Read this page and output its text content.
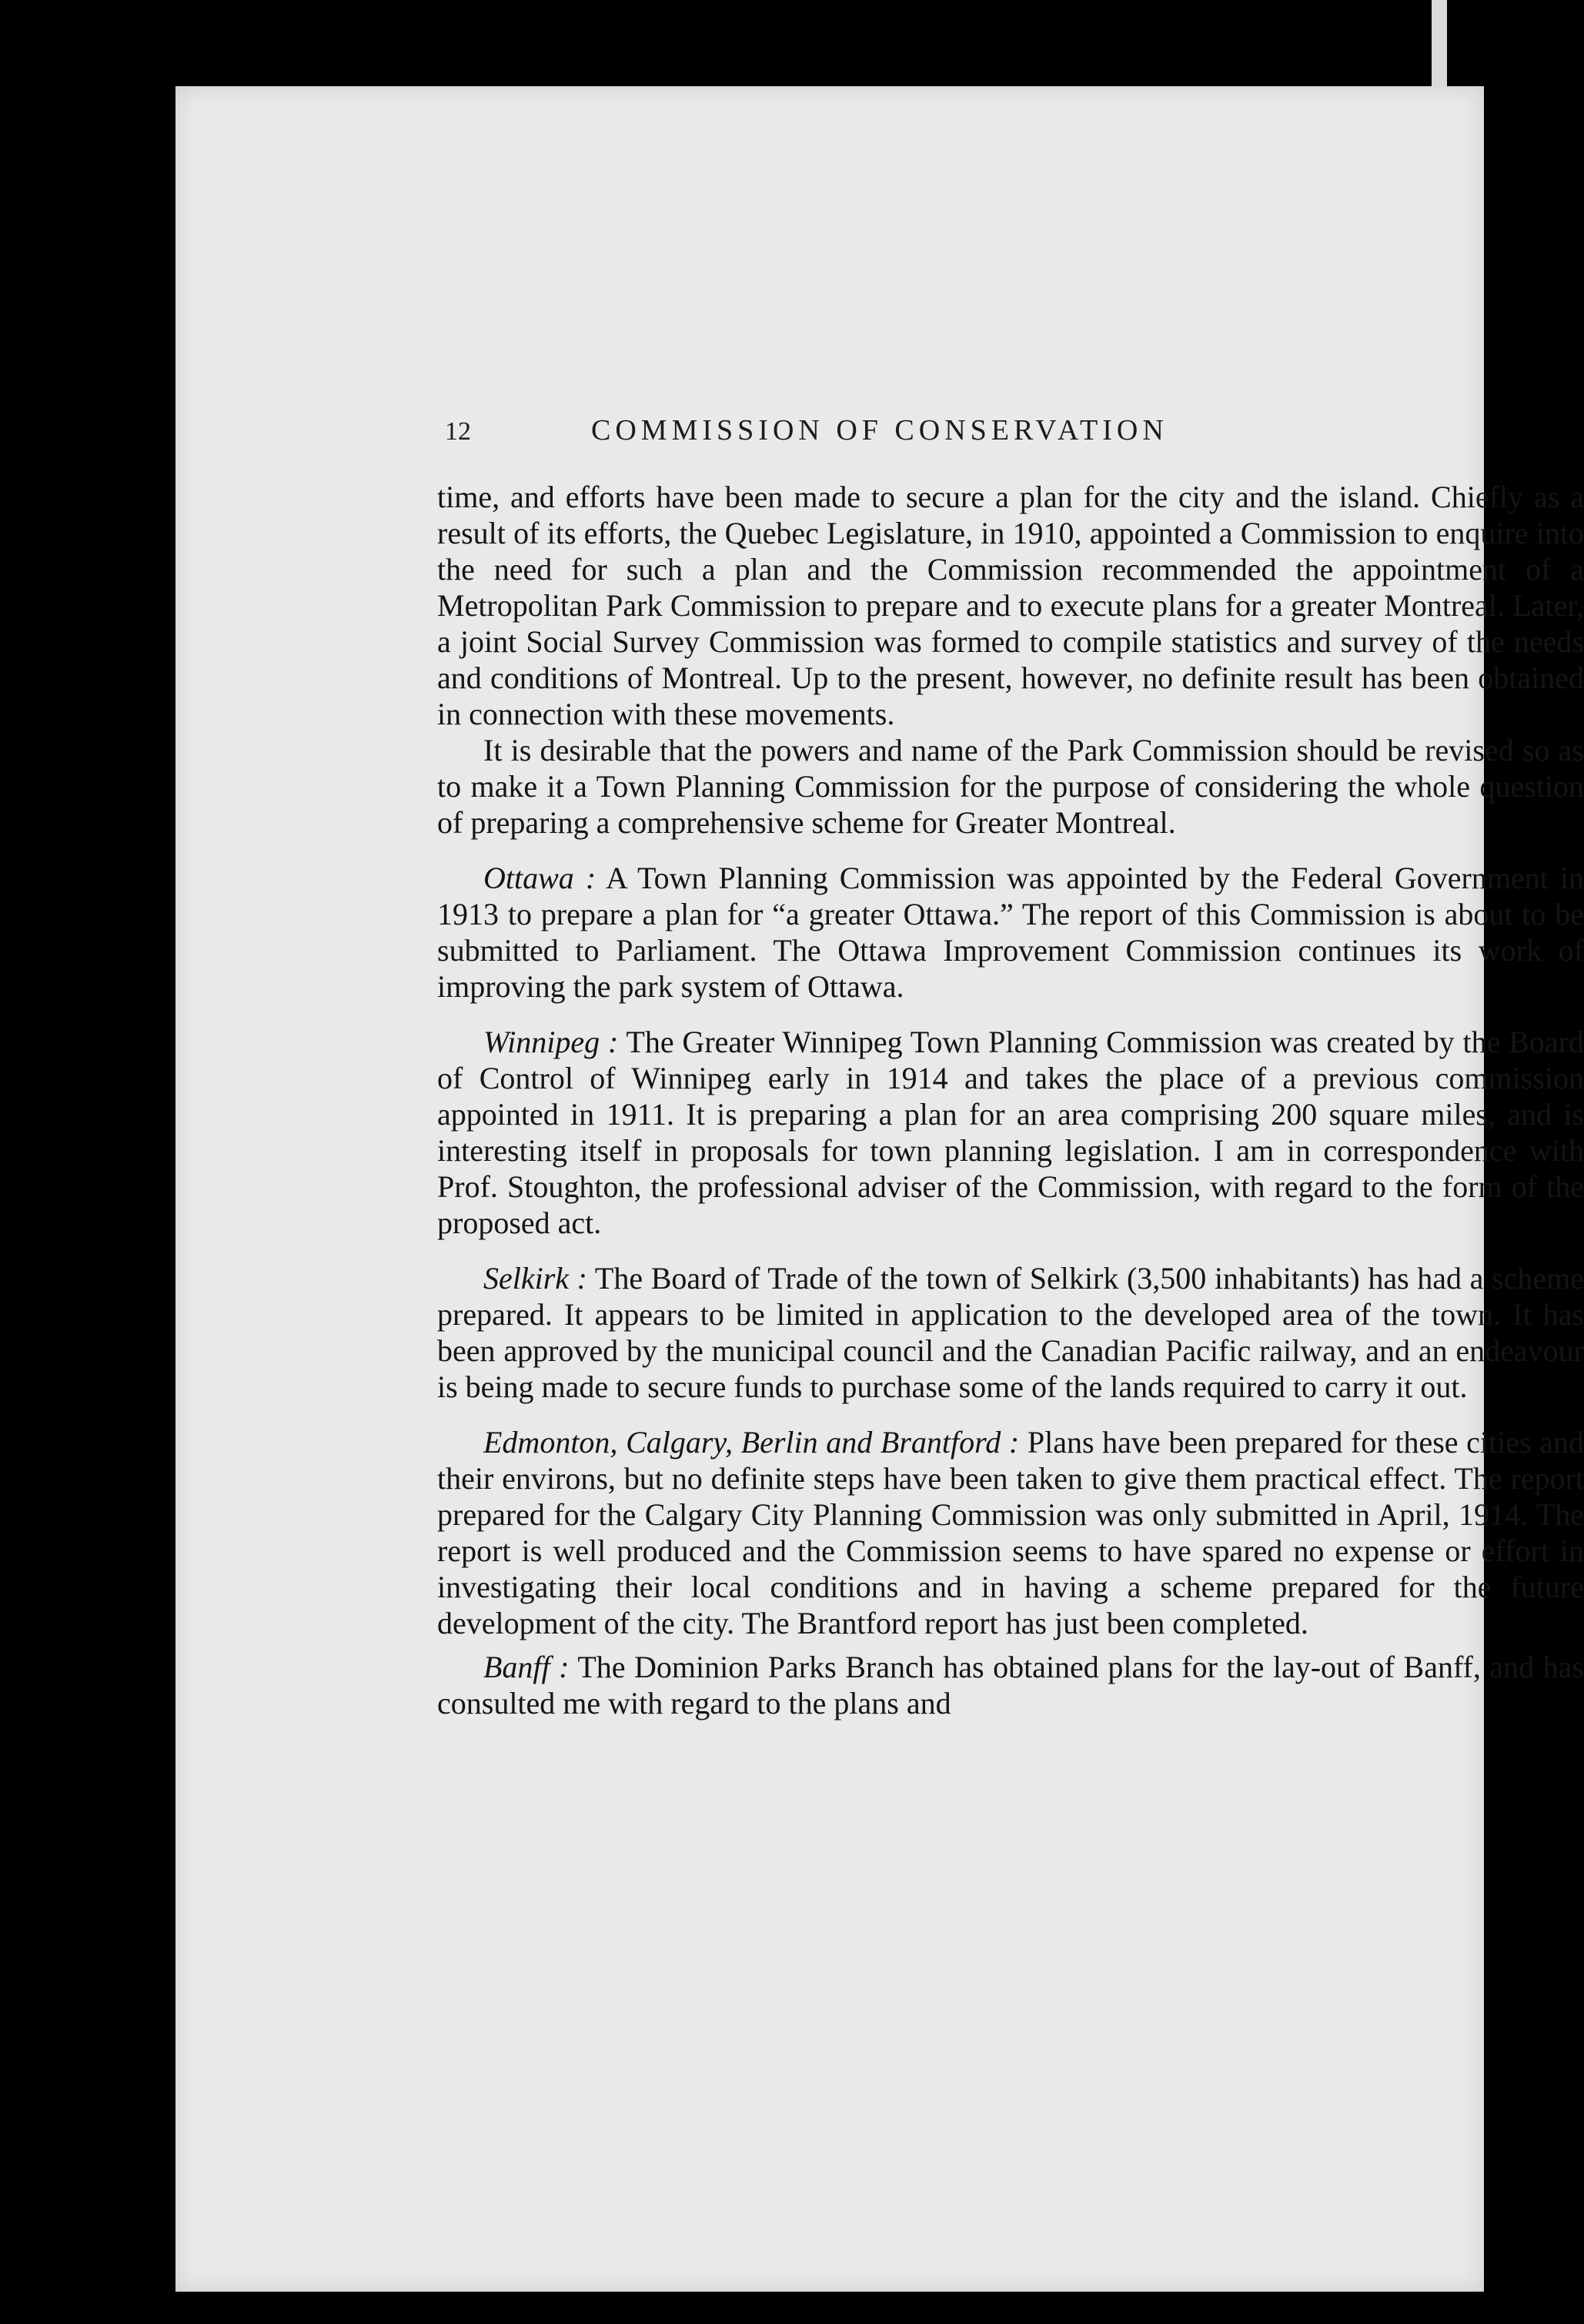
12	COMMISSION OF CONSERVATION

time, and efforts have been made to secure a plan for the city and the island. Chiefly as a result of its efforts, the Quebec Legislature, in 1910, appointed a Commission to enquire into the need for such a plan and the Commission recommended the appointment of a Metropolitan Park Commission to prepare and to execute plans for a greater Montreal. Later, a joint Social Survey Commission was formed to compile statistics and survey of the needs and conditions of Montreal. Up to the present, however, no definite result has been obtained in connection with these movements.

It is desirable that the powers and name of the Park Commission should be revised so as to make it a Town Planning Commission for the purpose of considering the whole question of preparing a comprehensive scheme for Greater Montreal.

Ottawa : A Town Planning Commission was appointed by the Federal Government in 1913 to prepare a plan for “a greater Ottawa.” The report of this Commission is about to be submitted to Parliament. The Ottawa Improvement Commission continues its work of improving the park system of Ottawa.

Winnipeg : The Greater Winnipeg Town Planning Commission was created by the Board of Control of Winnipeg early in 1914 and takes the place of a previous commission appointed in 1911. It is preparing a plan for an area comprising 200 square miles, and is interesting itself in proposals for town planning legislation. I am in correspondence with Prof. Stoughton, the professional adviser of the Commission, with regard to the form of the proposed act.

Selkirk : The Board of Trade of the town of Selkirk (3,500 inhabitants) has had a scheme prepared. It appears to be limited in application to the developed area of the town. It has been approved by the municipal council and the Canadian Pacific railway, and an endeavour is being made to secure funds to purchase some of the lands required to carry it out.

Edmonton, Calgary, Berlin and Brantford : Plans have been prepared for these cities and their environs, but no definite steps have been taken to give them practical effect. The report prepared for the Calgary City Planning Commission was only submitted in April, 1914. The report is well produced and the Commission seems to have spared no expense or effort in investigating their local conditions and in having a scheme prepared for the future development of the city. The Brantford report has just been completed.

Banff : The Dominion Parks Branch has obtained plans for the lay-out of Banff, and has consulted me with regard to the plans and
